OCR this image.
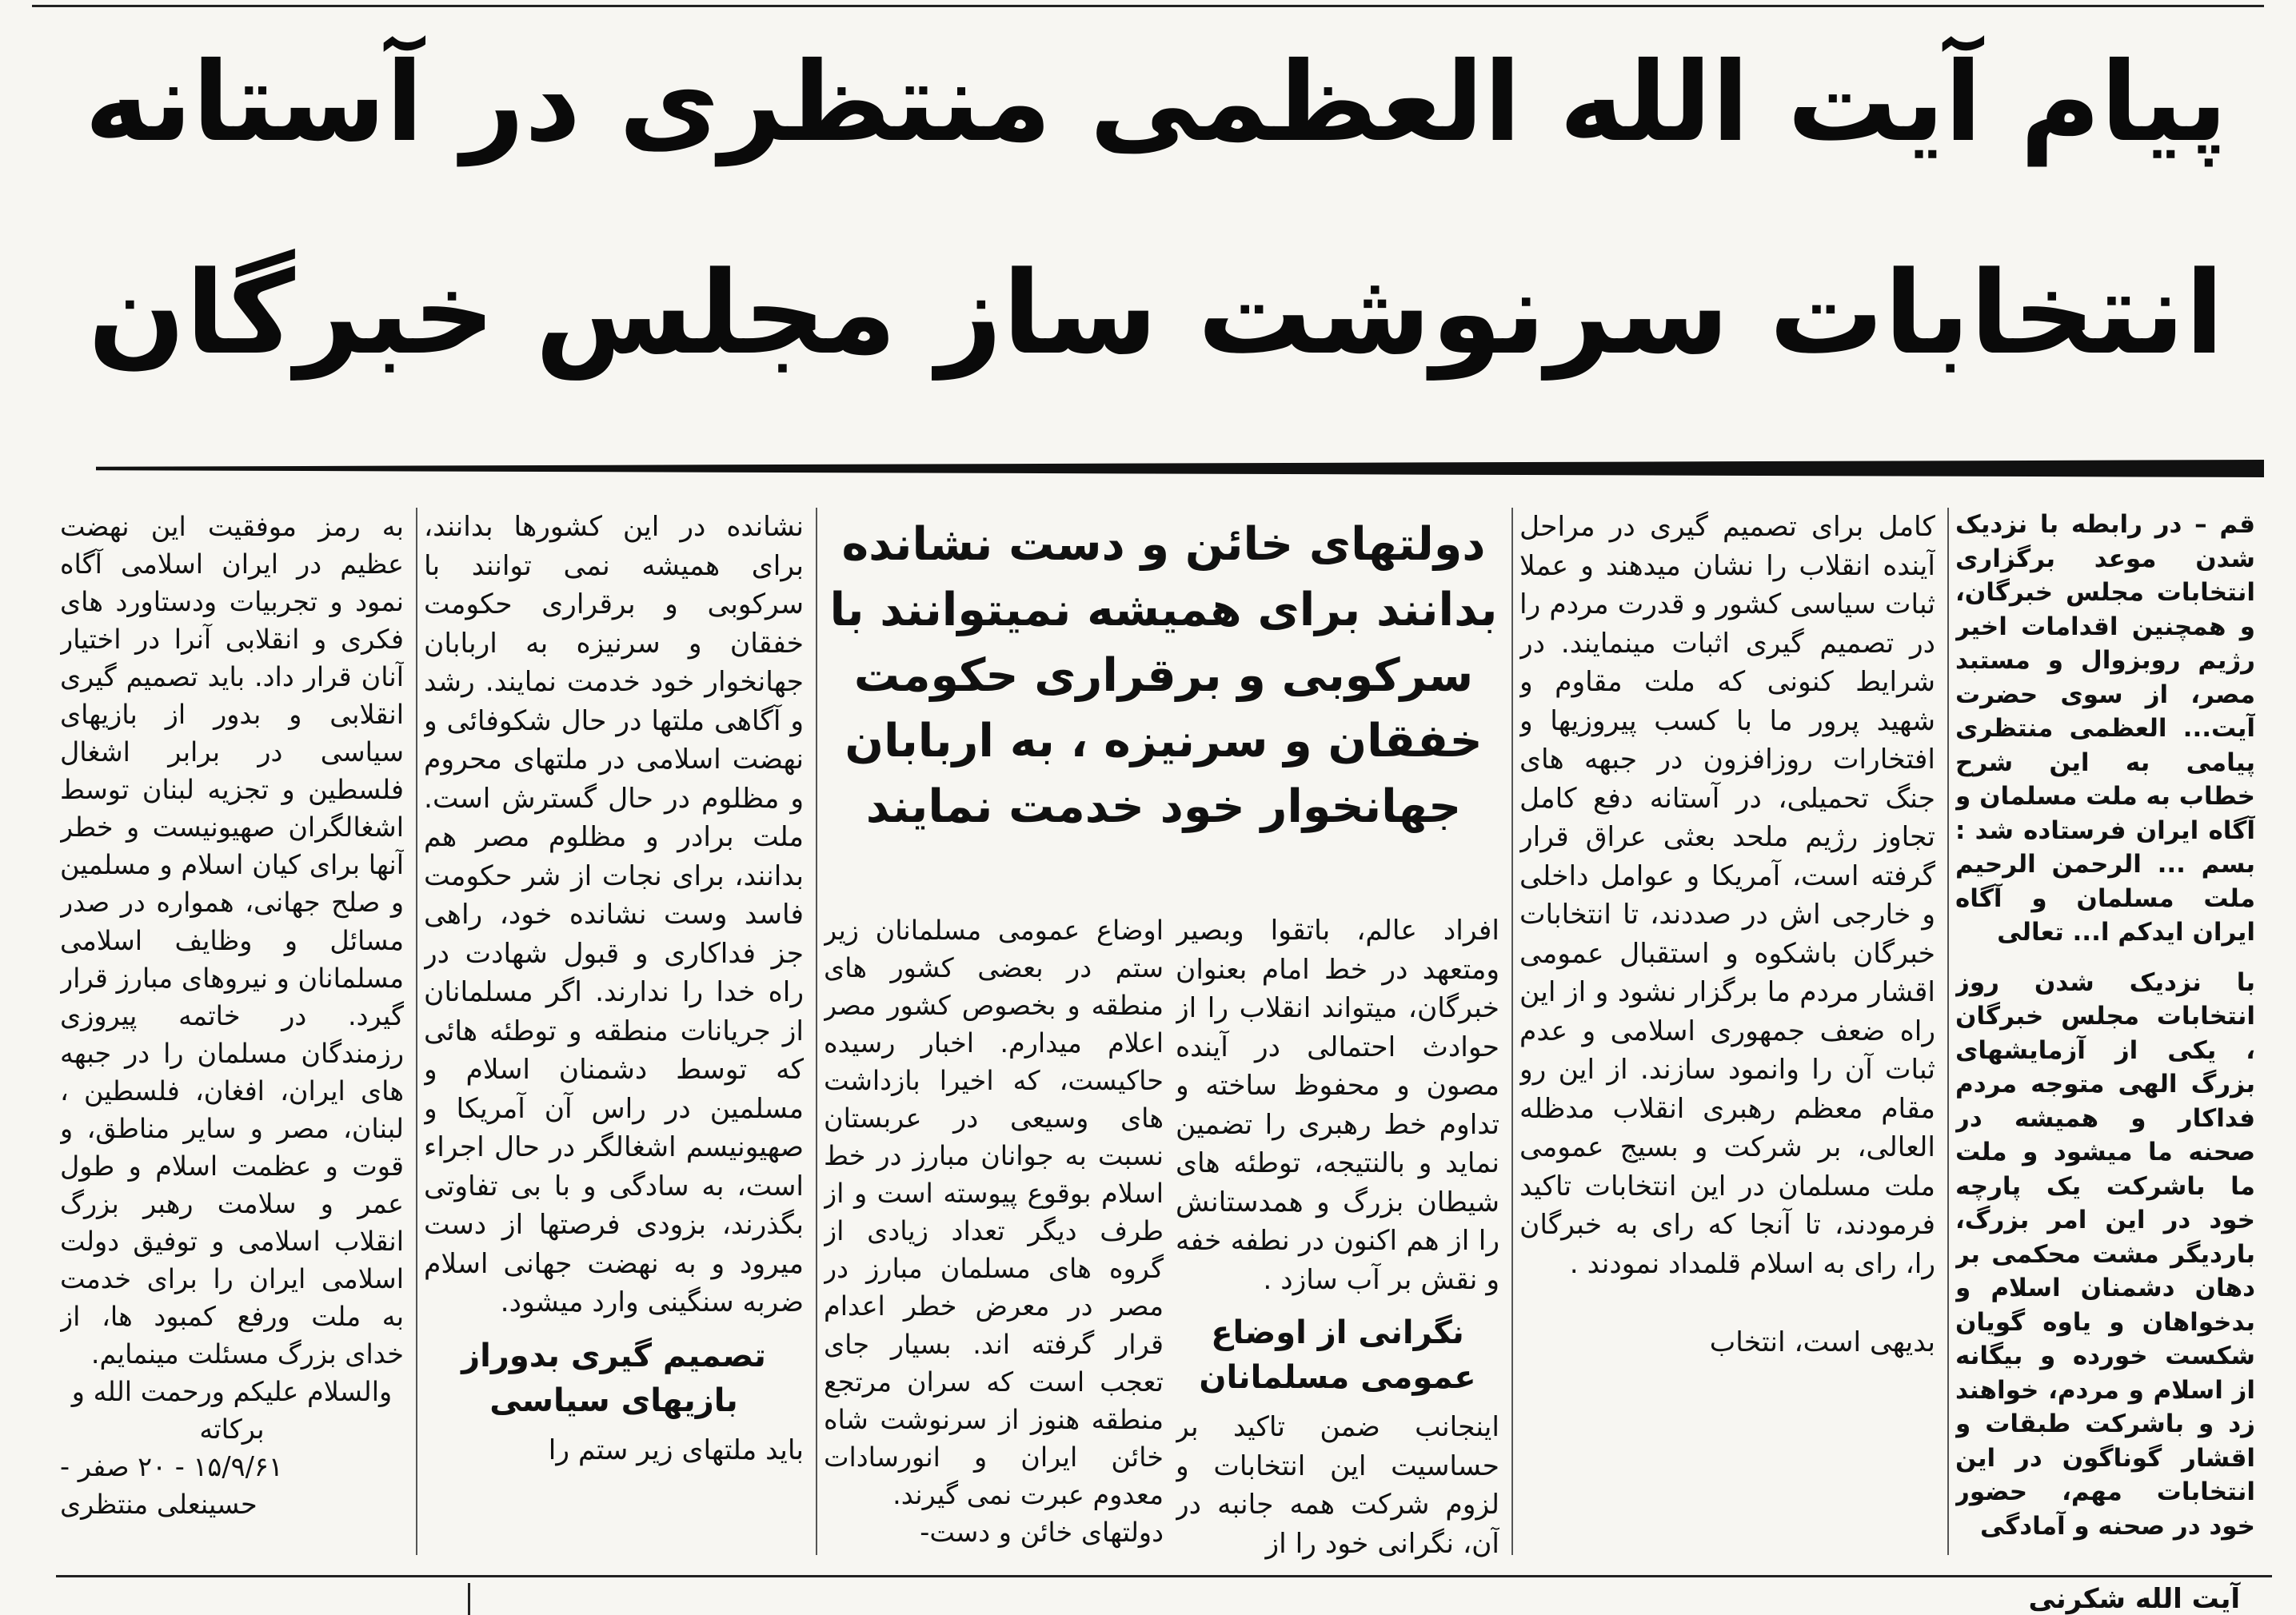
پیام آیت الله العظمی منتظری در آستانه
انتخابات سرنوشت ساز مجلس خبرگان

قم – در رابطه با نزدیک شدن موعد برگزاری انتخابات مجلس خبرگان، و همچنین اقدامات اخیر رژیم روبزوال و مستبد مصر، از سوی حضرت آیت... العظمی منتظری پیامی به این شرح خطاب به ملت مسلمان و آگاه ایران فرستاده شد : بسم ... الرحمن الرحیم ملت مسلمان و آگاه ایران ایدکم ا... تعالی

با نزدیک شدن روز انتخابات مجلس خبرگان ، یکی از آزمایشهای بزرگ الهی متوجه مردم فداکار و همیشه در صحنه ما میشود و ملت ما باشرکت یک پارچه خود در این امر بزرگ، باردیگر مشت محکمی بر دهان دشمنان اسلام و بدخواهان و یاوه گویان شکست خورده و بیگانه از اسلام و مردم، خواهند زد و باشرکت طبقات و اقشار گوناگون در این انتخابات مهم، حضور خود در صحنه و آمادگی

کامل برای تصمیم گیری در مراحل آینده انقلاب را نشان میدهند و عملا ثبات سیاسی کشور و قدرت مردم را در تصمیم گیری اثبات مینمایند. در شرایط کنونی که ملت مقاوم و شهید پرور ما با کسب پیروزیها و افتخارات روزافزون در جبهه های جنگ تحمیلی، در آستانه دفع کامل تجاوز رژیم ملحد بعثی عراق قرار گرفته است، آمریکا و عوامل داخلی و خارجی اش در صددند، تا انتخابات خبرگان باشکوه و استقبال عمومی اقشار مردم ما برگزار نشود و از این راه ضعف جمهوری اسلامی و عدم ثبات آن را وانمود سازند. از این رو مقام معظم رهبری انقلاب مدظله العالی، بر شرکت و بسیج عمومی ملت مسلمان در این انتخابات تاکید فرمودند، تا آنجا که رای به خبرگان را، رای به اسلام قلمداد نمودند .

بدیهی است، انتخاب

دولتهای خائن و دست نشانده بدانند برای همیشه نمیتوانند با سرکوبی و برقراری حکومت خفقان و سرنیزه ، به اربابان جهانخوار خود خدمت نمایند

افراد عالم، باتقوا وبصیر ومتعهد در خط امام بعنوان خبرگان، میتواند انقلاب را از حوادث احتمالی در آینده مصون و محفوظ ساخته و تداوم خط رهبری را تضمین نماید و بالنتیجه، توطئه های شیطان بزرگ و همدستانش را از هم اکنون در نطفه خفه و نقش بر آب سازد .

نگرانی از اوضاع عمومی مسلمانان

اینجانب ضمن تاکید بر حساسیت این انتخابات و لزوم شرکت همه جانبه در آن، نگرانی خود را از

اوضاع عمومی مسلمانان زیر ستم در بعضی کشور های منطقه و بخصوص کشور مصر اعلام میدارم. اخبار رسیده حاکیست، که اخیرا بازداشت های وسیعی در عربستان نسبت به جوانان مبارز در خط اسلام بوقوع پیوسته است و از طرف دیگر تعداد زیادی از گروه های مسلمان مبارز در مصر در معرض خطر اعدام قرار گرفته اند. بسیار جای تعجب است که سران مرتجع منطقه هنوز از سرنوشت شاه خائن ایران و انورسادات معدوم عبرت نمی گیرند.

دولتهای خائن و دست-

نشانده در این کشورها بدانند، برای همیشه نمی توانند با سرکوبی و برقراری حکومت خفقان و سرنیزه به اربابان جهانخوار خود خدمت نمایند. رشد و آگاهی ملتها در حال شکوفائی و نهضت اسلامی در ملتهای محروم و مظلوم در حال گسترش است. ملت برادر و مظلوم مصر هم بدانند، برای نجات از شر حکومت فاسد وست نشانده خود، راهی جز فداکاری و قبول شهادت در راه خدا را ندارند. اگر مسلمانان از جریانات منطقه و توطئه هائی که توسط دشمنان اسلام و مسلمین در راس آن آمریکا و صهیونیسم اشغالگر در حال اجراء است، به سادگی و با بی تفاوتی بگذرند، بزودی فرصتها از دست میرود و به نهضت جهانی اسلام ضربه سنگینی وارد میشود.

تصمیم گیری بدوراز بازیهای سیاسی

باید ملتهای زیر ستم را

به رمز موفقیت این نهضت عظیم در ایران اسلامی آگاه نمود و تجربیات ودستاورد های فکری و انقلابی آنرا در اختیار آنان قرار داد. باید تصمیم گیری انقلابی و بدور از بازیهای سیاسی در برابر اشغال فلسطین و تجزیه لبنان توسط اشغالگران صهیونیست و خطر آنها برای کیان اسلام و مسلمین و صلح جهانی، همواره در صدر مسائل و وظایف اسلامی مسلمانان و نیروهای مبارز قرار گیرد. در خاتمه پیروزی رزمندگان مسلمان را در جبهه های ایران، افغان، فلسطین ، لبنان، مصر و سایر مناطق، و قوت و عظمت اسلام و طول عمر و سلامت رهبر بزرگ انقلاب اسلامی و توفیق دولت اسلامی ایران را برای خدمت به ملت ورفع کمبود ها، از خدای بزرگ مسئلت مینمایم.

والسلام علیکم ورحمت الله و برکاته

۱۵/۹/۶۱ - ۲۰ صفر -

حسینعلی منتظری

آیت الله شکرنی
